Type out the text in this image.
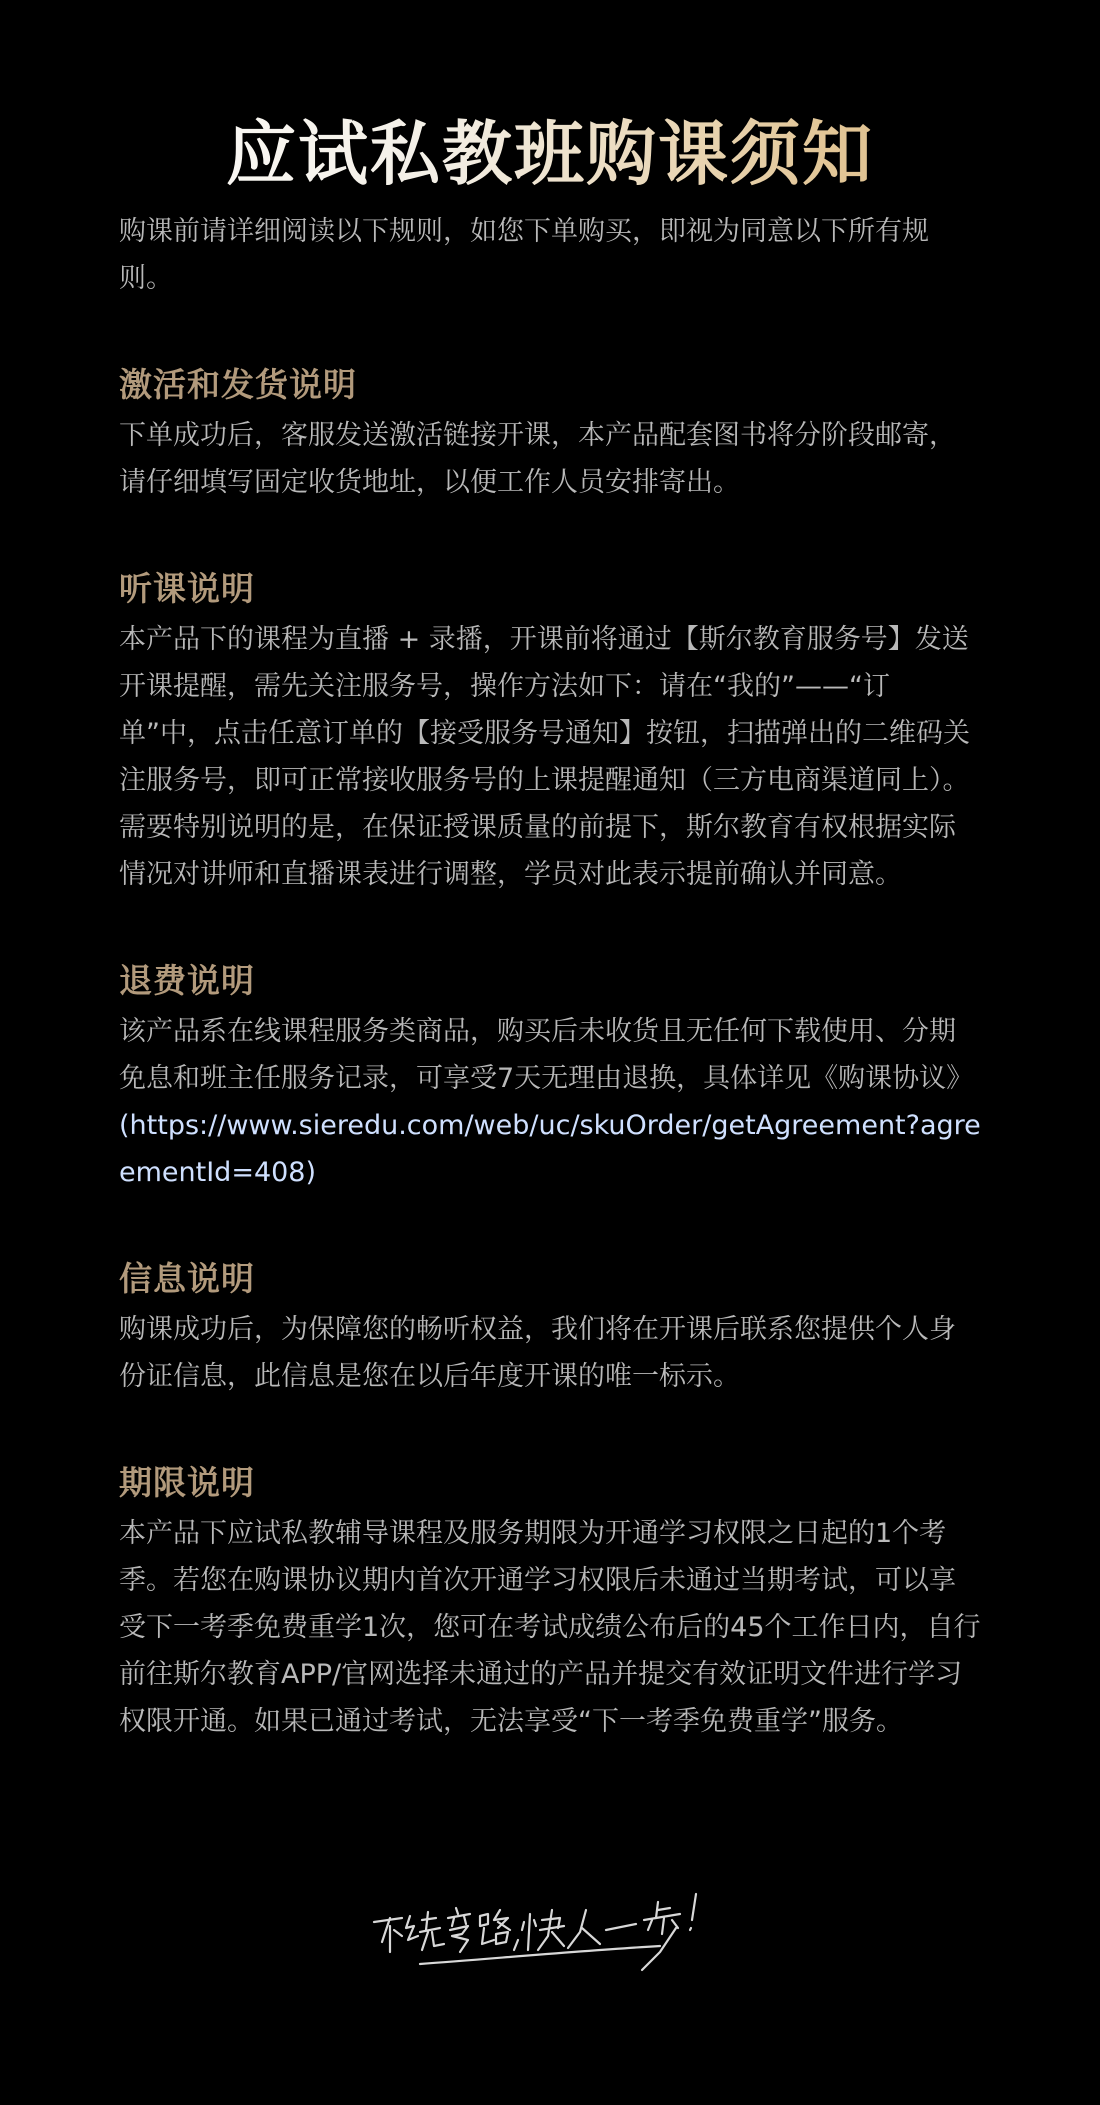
应试私教班购课须知

购课前请详细阅读以下规则，如您下单购买，即视为同意以下所有规则。

激活和发货说明

下单成功后，客服发送激活链接开课，本产品配套图书将分阶段邮寄，请仔细填写固定收货地址，以便工作人员安排寄出。

听课说明

本产品下的课程为直播 + 录播，开课前将通过【斯尔教育服务号】发送开课提醒，需先关注服务号，操作方法如下：请在“我的”——“订单”中，点击任意订单的【接受服务号通知】按钮，扫描弹出的二维码关注服务号，即可正常接收服务号的上课提醒通知（三方电商渠道同上）。需要特别说明的是，在保证授课质量的前提下，斯尔教育有权根据实际情况对讲师和直播课表进行调整，学员对此表示提前确认并同意。

退费说明

该产品系在线课程服务类商品，购买后未收货且无任何下载使用、分期免息和班主任服务记录，可享受7天无理由退换，具体详见《购课协议》(https://www.sieredu.com/web/uc/skuOrder/getAgreement?agreementId=408)

信息说明

购课成功后，为保障您的畅听权益，我们将在开课后联系您提供个人身份证信息，此信息是您在以后年度开课的唯一标示。

期限说明

本产品下应试私教辅导课程及服务期限为开通学习权限之日起的1个考季。若您在购课协议期内首次开通学习权限后未通过当期考试，可以享受下一考季免费重学1次，您可在考试成绩公布后的45个工作日内，自行前往斯尔教育APP/官网选择未通过的产品并提交有效证明文件进行学习权限开通。如果已通过考试，无法享受“下一考季免费重学”服务。
